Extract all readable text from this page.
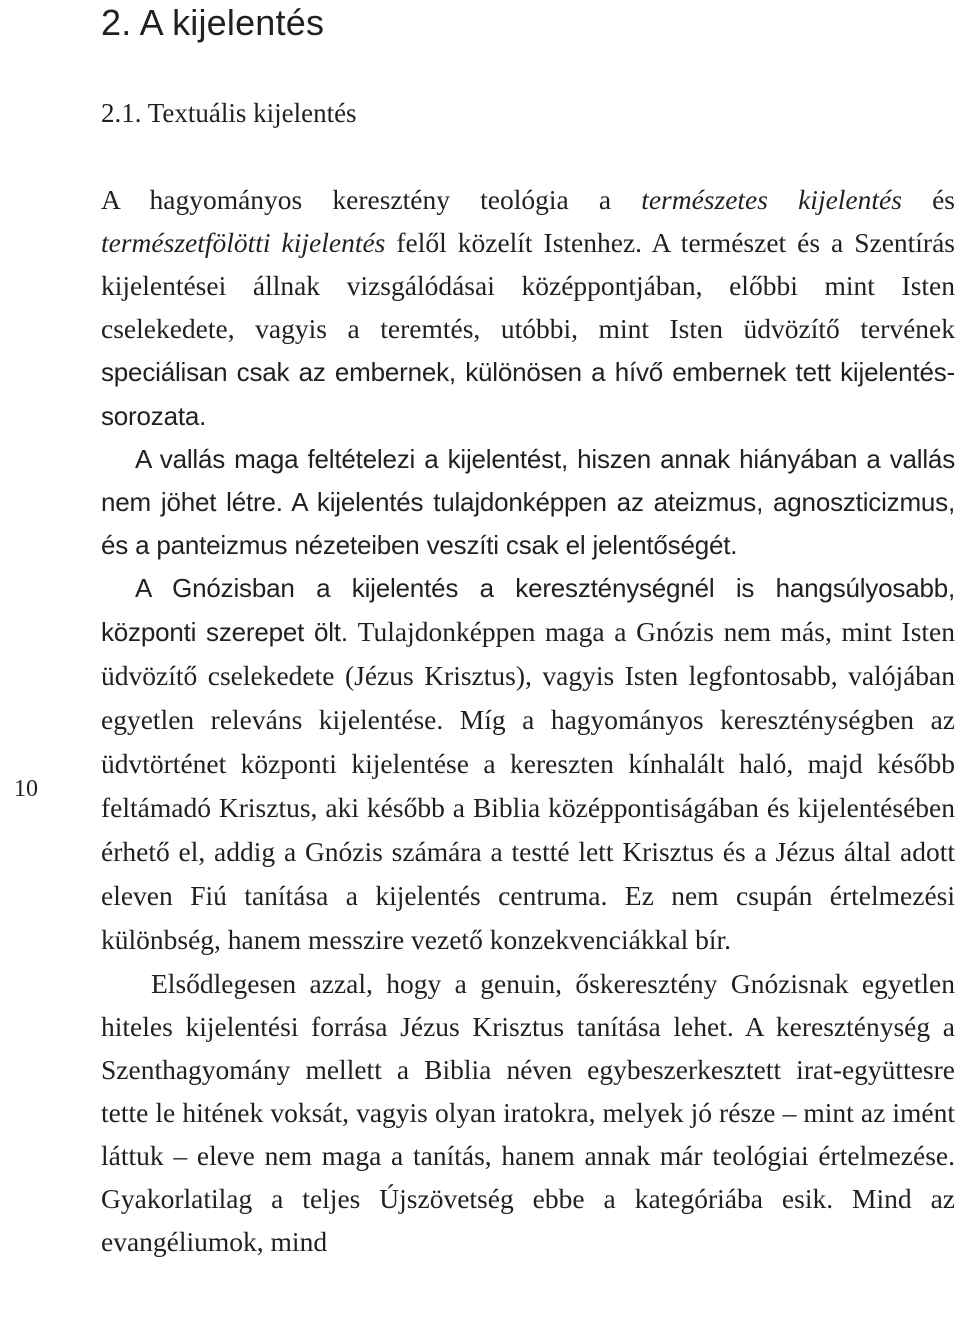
2. A kijelentés
2.1. Textuális kijelentés
10

A hagyományos keresztény teológia a természetes kijelentés és természetfölötti kijelentés felől közelít Istenhez. A természet és a Szentírás kijelentései állnak vizsgálódásai középpontjában, előbbi mint Isten cselekedete, vagyis a teremtés, utóbbi, mint Isten üdvözítő tervének speciálisan csak az embernek, különösen a hívő embernek tett kijelentés-sorozata.

A vallás maga feltételezi a kijelentést, hiszen annak hiányában a vallás nem jöhet létre. A kijelentés tulajdonképpen az ateizmus, agnoszticizmus, és a panteizmus nézeteiben veszíti csak el jelentőségét.

A Gnózisban a kijelentés a kereszténységnél is hangsúlyosabb, központi szerepet ölt. Tulajdonképpen maga a Gnózis nem más, mint Isten üdvözítő cselekedete (Jézus Krisztus), vagyis Isten legfontosabb, valójában egyetlen releváns kijelentése. Míg a hagyományos kereszténységben az üdvtörténet központi kijelentése a kereszten kínhalált haló, majd később feltámadó Krisztus, aki később a Biblia középpontiságában és kijelentésében érhető el, addig a Gnózis számára a testté lett Krisztus és a Jézus által adott eleven Fiú tanítása a kijelentés centruma. Ez nem csupán értelmezési különbség, hanem messzire vezető konzekvenciákkal bír.

Elsődlegesen azzal, hogy a genuin, őskeresztény Gnózisnak egyetlen hiteles kijelentési forrása Jézus Krisztus tanítása lehet. A kereszténység a Szenthagyomány mellett a Biblia néven egybeszerkesztett irat-együttesre tette le hitének voksát, vagyis olyan iratokra, melyek jó része – mint az imént láttuk – eleve nem maga a tanítás, hanem annak már teológiai értelmezése. Gyakorlatilag a teljes Újszövetség ebbe a kategóriába esik. Mind az evangéliumok, mind
